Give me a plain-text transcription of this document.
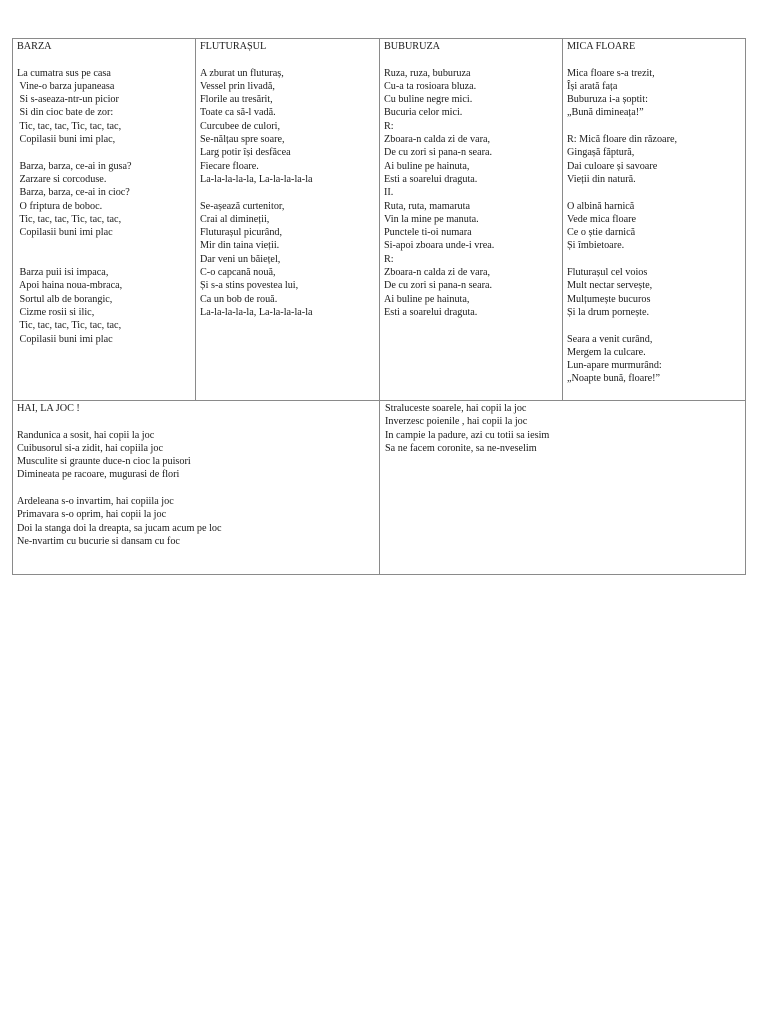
BARZA
La cumatra sus pe casa
Vine-o barza jupaneasa
Si s-aseaza-ntr-un picior
Si din cioc bate de zor:
Tic, tac, tac, Tic, tac, tac,
Copilasii buni imi plac,
Barza, barza, ce-ai in gusa?
Zarzare si corcoduse.
Barza, barza, ce-ai in cioc?
O friptura de boboc.
Tic, tac, tac, Tic, tac, tac,
Copilasii buni imi plac
Barza puii isi impaca,
Apoi haina noua-mbraca,
Sortul alb de borangic,
Cizme rosii si ilic,
Tic, tac, tac, Tic, tac, tac,
Copilasii buni imi plac
FLUTURAȘUL
A zburat un fluturaș,
Vessel prin livadă,
Florile au tresărit,
Toate ca să-l vadă.
Curcubee de culori,
Se-nălțau spre soare,
Larg potir își desfăcea
Fiecare floare.
La-la-la-la-la, La-la-la-la-la
Se-așează curtenitor,
Crai al dimineții,
Fluturașul picurând,
Mir din taina vieții.
Dar veni un băiețel,
C-o capcană nouă,
Și s-a stins povestea lui,
Ca un bob de rouă.
La-la-la-la-la, La-la-la-la-la
BUBURUZA
Ruza, ruza, buburuza
Cu-a ta rosioara bluza.
Cu buline negre mici.
Bucuria celor mici.
R:
Zboara-n calda zi de vara,
De cu zori si pana-n seara.
Ai buline pe hainuta,
Esti a soarelui draguta.
II.
Ruta, ruta, mamaruta
Vin la mine pe manuta.
Punctele ti-oi numara
Si-apoi zboara unde-i vrea.
R:
Zboara-n calda zi de vara,
De cu zori si pana-n seara.
Ai buline pe hainuta,
Esti a soarelui draguta.
MICA FLOARE
Mica floare s-a trezit,
Își arată fața
Buburuza i-a șoptit:
„Bună dimineața!”
R: Mică floare din răzoare,
Gingașă făptură,
Dai culoare și savoare
Vieții din natură.
O albină harnică
Vede mica floare
Ce o știe darnică
Și îmbietoare.
Fluturașul cel voios
Mult nectar servește,
Mulțumește bucuros
Și la drum pornește.
Seara a venit curând,
Mergem la culcare.
Lun-apare murmurând:
„Noapte bună, floare!”
HAI, LA JOC !
Randunica a sosit, hai copii la joc
Cuibusorul si-a zidit, hai copiila joc
Musculite si graunte duce-n cioc la puisori
Dimineata pe racoare, mugurasi de flori
Ardeleana s-o invartim, hai copiila joc
Primavara s-o oprim, hai copii la joc
Doi la stanga doi la dreapta, sa jucam acum pe loc
Ne-nvartim cu bucurie si dansam cu foc
Straluceste soarele, hai copii la joc
Inverzesc poienile , hai copii la joc
In campie la padure, azi cu totii sa iesim
Sa ne facem coronite, sa ne-nveselim
